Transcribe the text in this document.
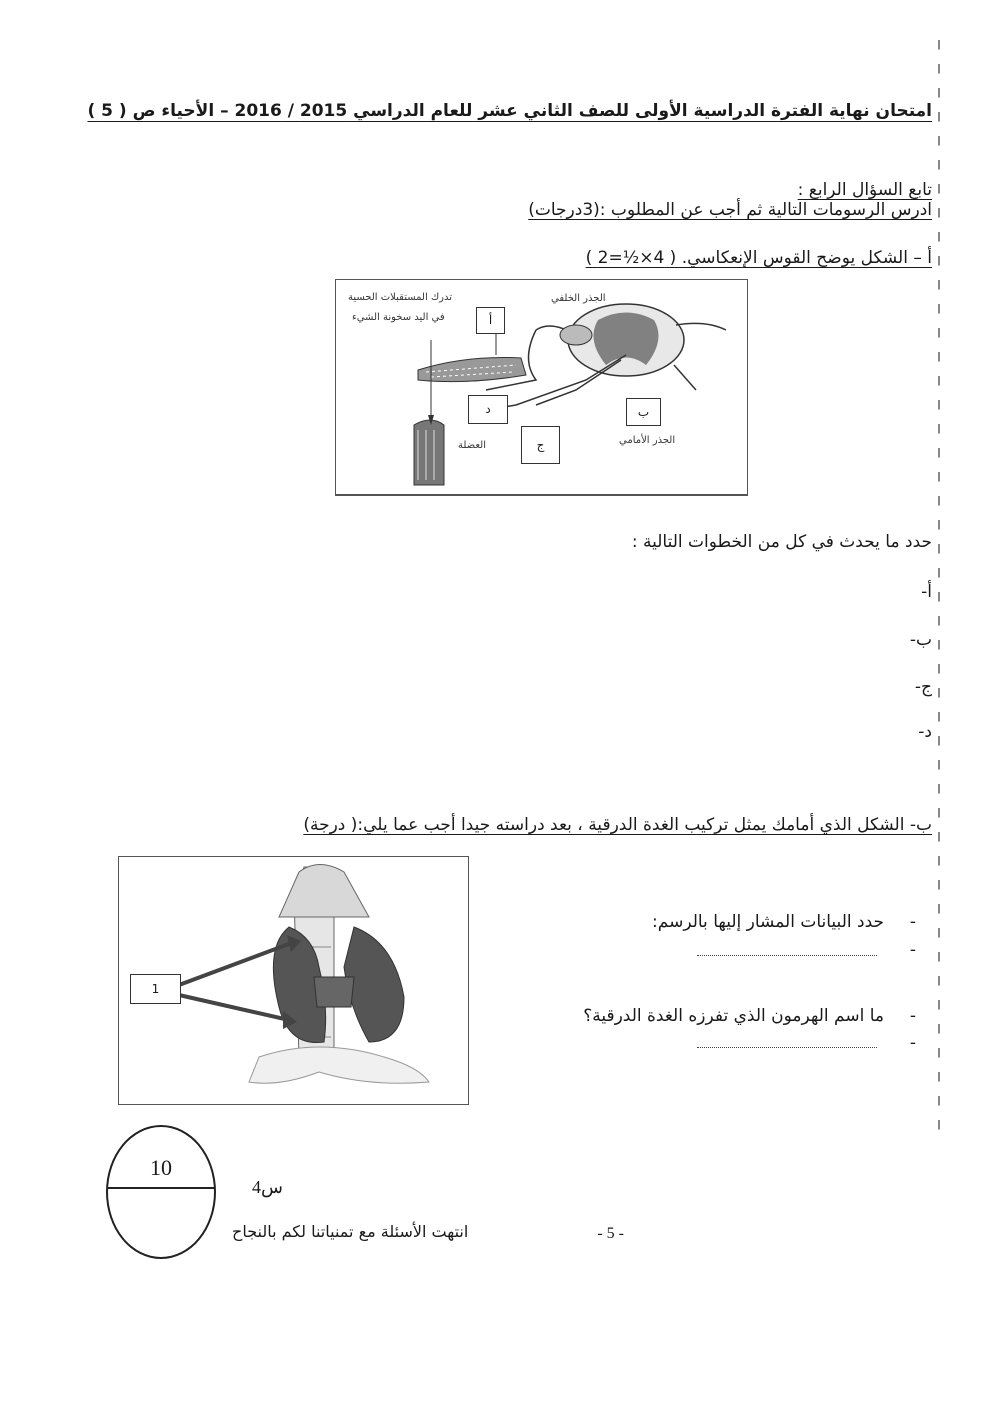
امتحان نهاية الفترة الدراسية الأولى للصف الثاني عشر للعام الدراسي 2015 / 2016 – الأحياء ص ( 5 )
تابع السؤال الرابع :
ادرس الرسومات التالية ثم أجب عن المطلوب :(3درجات)
أ – الشكل يوضح القوس الإنعكاسي. ( 4×½=2 )
تدرك المستقبلات الحسية
في اليد سخونة الشيء
الجذر الخلفي
الجذر الأمامي
العضلة
أ
ب
ج
د
حدد ما يحدث في كل من الخطوات التالية :
أ-
ب-
ج-
د-
ب- الشكل الذي أمامك يمثل تركيب الغدة الدرقية ، بعد دراسته جيدا أجب عما يلي:( درجة)
1
حدد البيانات المشار إليها بالرسم: -
-
ما اسم الهرمون الذي تفرزه الغدة الدرقية؟ -
-
10
س4
- 5 -
انتهت الأسئلة مع تمنياتنا لكم بالنجاح
